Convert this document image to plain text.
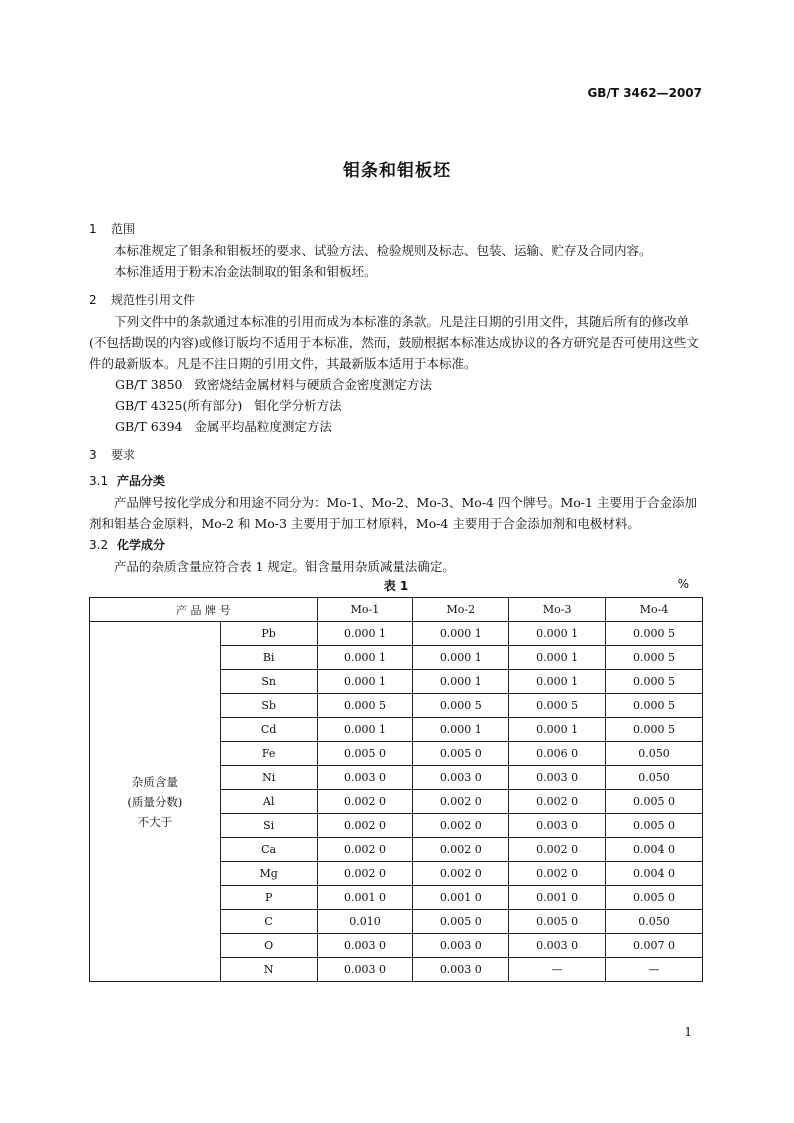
GB/T 3462—2007
钼条和钼板坯
1 范围

本标准规定了钼条和钼板坯的要求、试验方法、检验规则及标志、包装、运输、贮存及合同内容。

本标准适用于粉末冶金法制取的钼条和钼板坯。

2 规范性引用文件

下列文件中的条款通过本标准的引用而成为本标准的条款。凡是注日期的引用文件，其随后所有的修改单(不包括勘误的内容)或修订版均不适用于本标准，然而，鼓励根据本标准达成协议的各方研究是否可使用这些文件的最新版本。凡是不注日期的引用文件，其最新版本适用于本标准。

GB/T 3850   致密烧结金属材料与硬质合金密度测定方法

GB/T 4325(所有部分)   钼化学分析方法

GB/T 6394   金属平均晶粒度测定方法

3 要求
3.1 产品分类

产品牌号按化学成分和用途不同分为：Mo-1、Mo-2、Mo-3、Mo-4 四个牌号。Mo-1 主要用于合金添加剂和钼基合金原料，Mo-2 和 Mo-3 主要用于加工材原料，Mo-4 主要用于合金添加剂和电极材料。

3.2 化学成分

产品的杂质含量应符合表 1 规定。钼含量用杂质减量法确定。

表 1	%
产 品 牌 号		Mo-1	Mo-2	Mo-3	Mo-4

杂质含量
(质量分数)
不大于	Pb	0.000 1	0.000 1	0.000 1	0.000 5
	Bi	0.000 1	0.000 1	0.000 1	0.000 5
	Sn	0.000 1	0.000 1	0.000 1	0.000 5
	Sb	0.000 5	0.000 5	0.000 5	0.000 5
	Cd	0.000 1	0.000 1	0.000 1	0.000 5
	Fe	0.005 0	0.005 0	0.006 0	0.050
	Ni	0.003 0	0.003 0	0.003 0	0.050
	Al	0.002 0	0.002 0	0.002 0	0.005 0
	Si	0.002 0	0.002 0	0.003 0	0.005 0
	Ca	0.002 0	0.002 0	0.002 0	0.004 0
	Mg	0.002 0	0.002 0	0.002 0	0.004 0
	P	0.001 0	0.001 0	0.001 0	0.005 0
	C	0.010	0.005 0	0.005 0	0.050
	O	0.003 0	0.003 0	0.003 0	0.007 0
	N	0.003 0	0.003 0	—	—
1
